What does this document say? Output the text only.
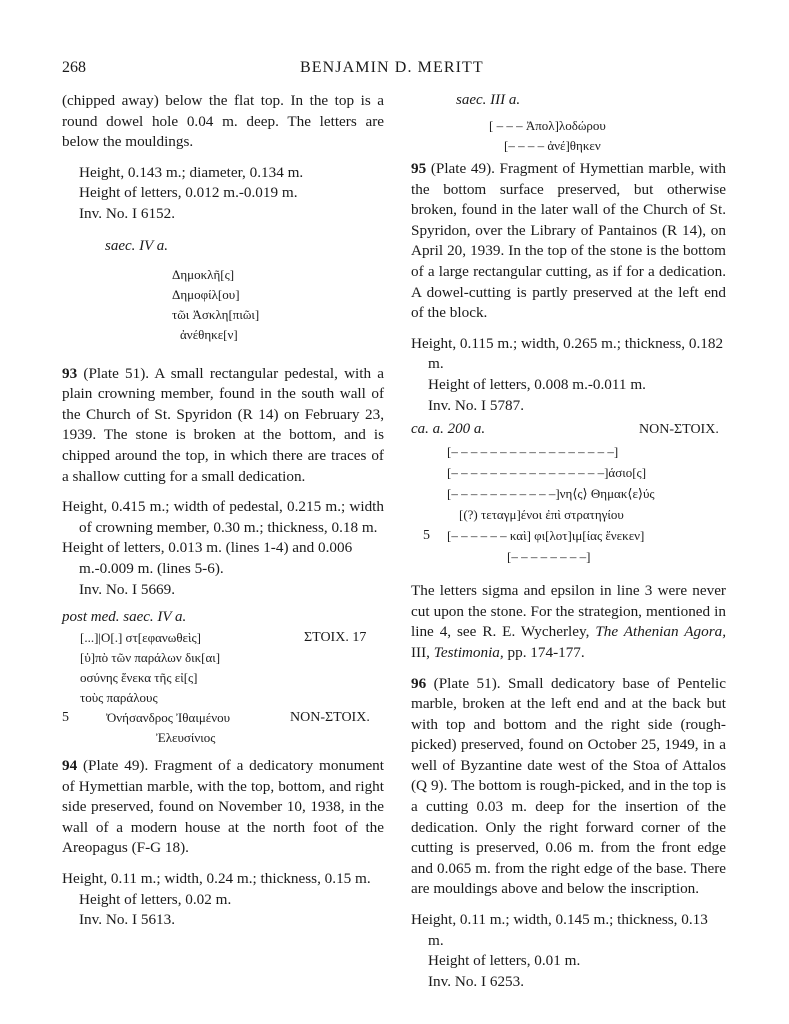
268	BENJAMIN D. MERITT

(chipped away) below the flat top. In the top is a round dowel hole 0.04 m. deep. The letters are below the mouldings.

Height, 0.143 m.; diameter, 0.134 m.
Height of letters, 0.012 m.-0.019 m.
Inv. No. I 6152.
saec. IV a.
Δημοκλῆ[ς]
Δημοφίλ[ου]
τῶι Ἀσκλη[πιῶι]
ἀνέθηκε[ν]

93 (Plate 51). A small rectangular pedestal, with a plain crowning member, found in the south wall of the Church of St. Spyridon (R 14) on February 23, 1939. The stone is broken at the bottom, and is chipped around the top, in which there are traces of a shallow cutting for a small dedication.

Height, 0.415 m.; width of pedestal, 0.215 m.; width of crowning member, 0.30 m.; thickness, 0.18 m.
Height of letters, 0.013 m. (lines 1-4) and 0.006 m.-0.009 m. (lines 5-6).
Inv. No. I 5669.
post med. saec. IV a.
[...]|Ο[.] στ[εφανωθεὶς]	ΣΤΟΙΧ. 17
[ὑ]πὸ τῶν παράλων δικ[αι]
οσύνης ἕνεκα τῆς εἰ[ς]
τοὺς παράλους
5	Ὀνήσανδρος Ἰθαιμένου	NON-ΣΤΟΙΧ.
Ἐλευσίνιος

94 (Plate 49). Fragment of a dedicatory monument of Hymettian marble, with the top, bottom, and right side preserved, found on November 10, 1938, in the wall of a modern house at the north foot of the Areopagus (F-G 18).

Height, 0.11 m.; width, 0.24 m.; thickness, 0.15 m.
Height of letters, 0.02 m.
Inv. No. I 5613.
saec. III a.
[ – – – Ἀπολ]λοδώρου
[– – – – ἀνέ]θηκεν

95 (Plate 49). Fragment of Hymettian marble, with the bottom surface preserved, but otherwise broken, found in the later wall of the Church of St. Spyridon, over the Library of Pantainos (R 14), on April 20, 1939. In the top of the stone is the bottom of a large rectangular cutting, as if for a dedication. A dowel-cutting is partly preserved at the left end of the block.

Height, 0.115 m.; width, 0.265 m.; thickness, 0.182 m.
Height of letters, 0.008 m.-0.011 m.
Inv. No. I 5787.
ca. a. 200 a.	NON-ΣΤΟΙΧ.
[– – – – – – – – – – – – – – – – –]
[– – – – – – – – – – – – – – – –]άσιο[ς]
[– – – – – – – – – – –]νη⟨ς⟩ Θημακ⟨ε⟩ύς
[(?) τεταγμ]ένοι ἐπὶ στρατηγίου
5 [– – – – – – καὶ] φι[λοτ]ιμ[ίας ἕνεκεν]
[– – – – – – – –]

The letters sigma and epsilon in line 3 were never cut upon the stone. For the strategion, mentioned in line 4, see R. E. Wycherley, The Athenian Agora, III, Testimonia, pp. 174-177.

96 (Plate 51). Small dedicatory base of Pentelic marble, broken at the left end and at the back but with top and bottom and the right side (rough-picked) preserved, found on October 25, 1949, in a well of Byzantine date west of the Stoa of Attalos (Q 9). The bottom is rough-picked, and in the top is a cutting 0.03 m. deep for the insertion of the dedication. Only the right forward corner of the cutting is preserved, 0.06 m. from the front edge and 0.065 m. from the right edge of the base. There are mouldings above and below the inscription.

Height, 0.11 m.; width, 0.145 m.; thickness, 0.13 m.
Height of letters, 0.01 m.
Inv. No. I 6253.
